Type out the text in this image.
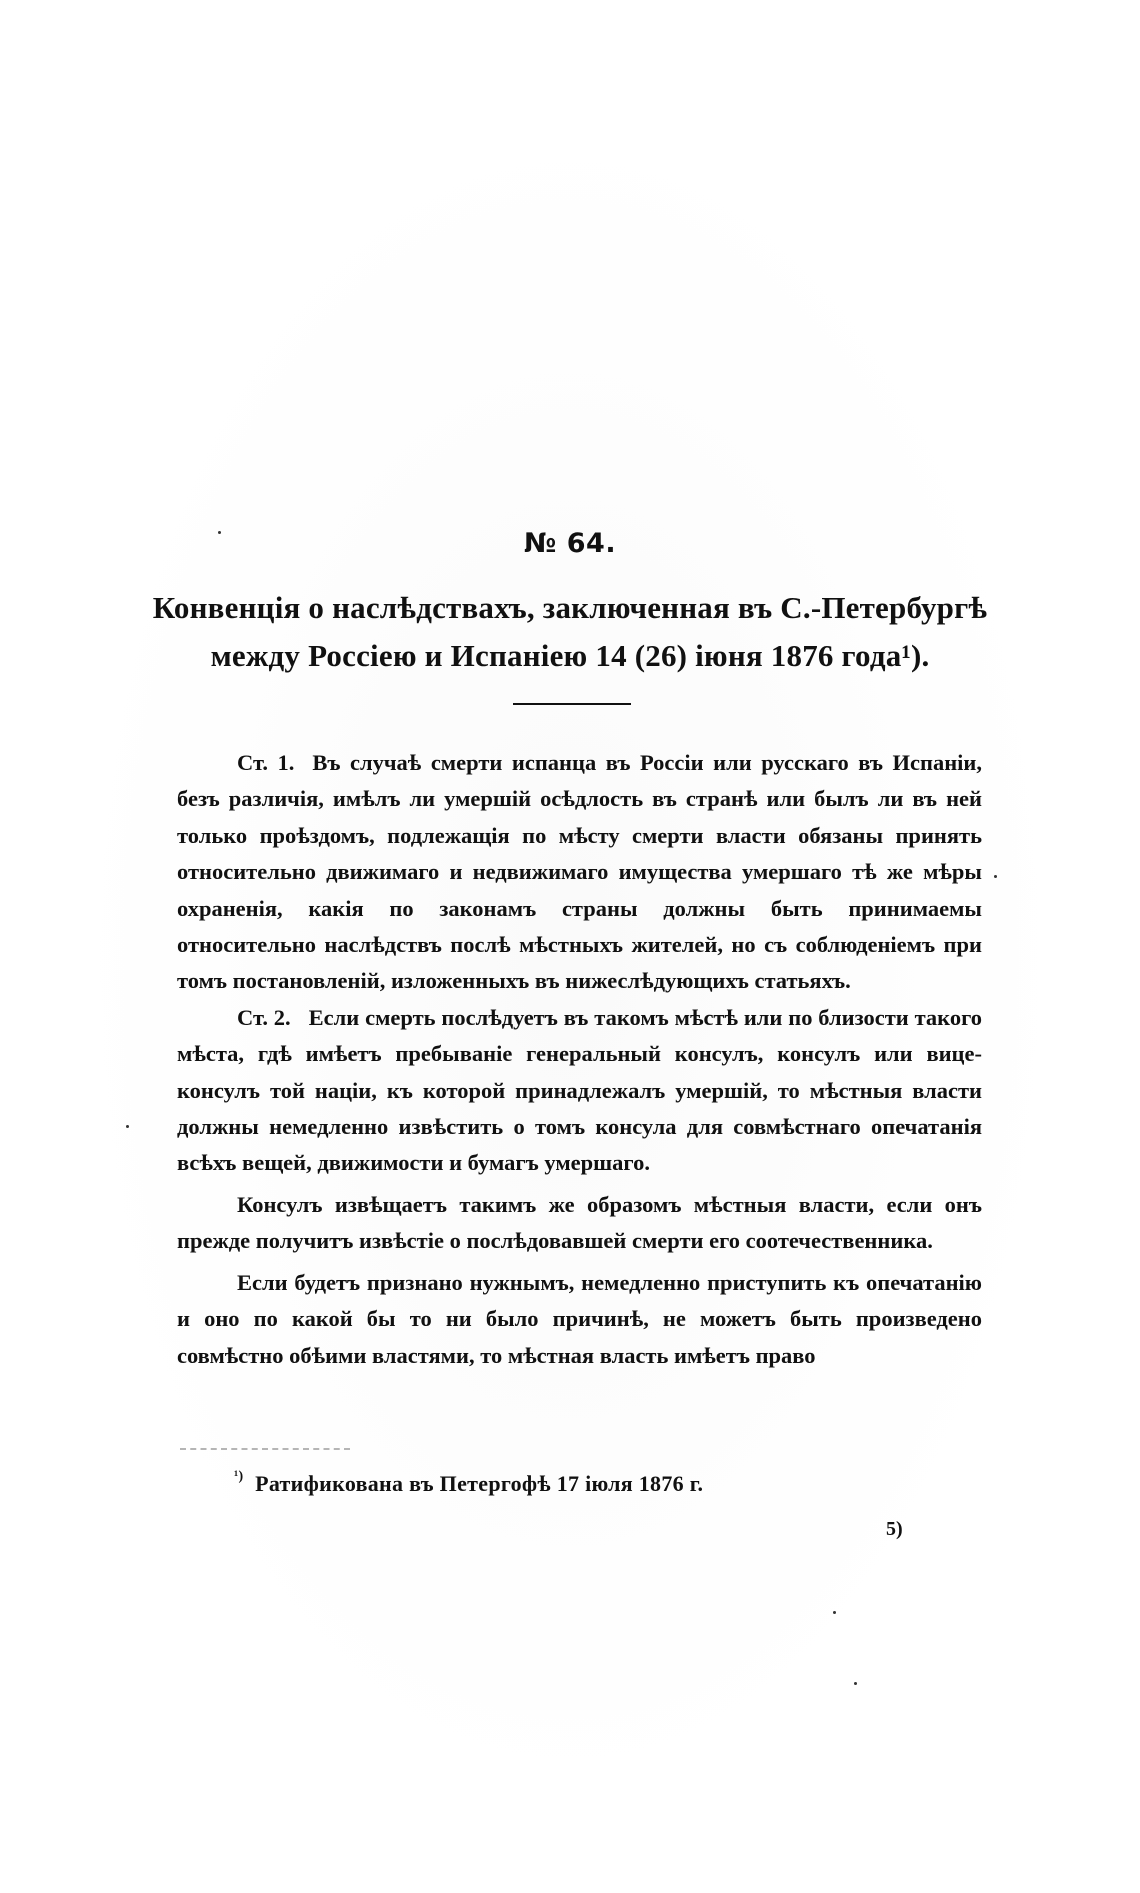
№ 64.
Конвенція о наслѣдствахъ, заключенная въ С.-Петербургѣ
между Россіею и Испаніею 14 (26) іюня 1876 года¹).

Ст. 1. Въ случаѣ смерти испанца въ Россіи или русскаго въ Испаніи, безъ различія, имѣлъ ли умершій осѣдлость въ странѣ или былъ ли въ ней только проѣздомъ, подлежащія по мѣсту смерти власти обязаны принять относительно движимаго и недвижимаго имущества умершаго тѣ же мѣры охраненія, какія по законамъ страны должны быть принимаемы относительно наслѣдствъ послѣ мѣстныхъ жителей, но съ соблюденіемъ при томъ постановленій, изложенныхъ въ нижеслѣдующихъ статьяхъ.

Ст. 2. Если смерть послѣдуетъ въ такомъ мѣстѣ или по близости такого мѣста, гдѣ имѣетъ пребываніе генеральный консулъ, консулъ или вице-консулъ той націи, къ которой принадлежалъ умершій, то мѣстныя власти должны немедленно извѣстить о томъ консула для совмѣстнаго опечатанія всѣхъ вещей, движимости и бумагъ умершаго.

Консулъ извѣщаетъ такимъ же образомъ мѣстныя власти, если онъ прежде получитъ извѣстіе о послѣдовавшей смерти его соотечественника.

Если будетъ признано нужнымъ, немедленно приступить къ опечатанію и оно по какой бы то ни было причинѣ, не можетъ быть произведено совмѣстно обѣими властями, то мѣстная власть имѣетъ право

$^{^1)}$ Ратификована въ Петергофѣ 17 іюля 1876 г.
5)
